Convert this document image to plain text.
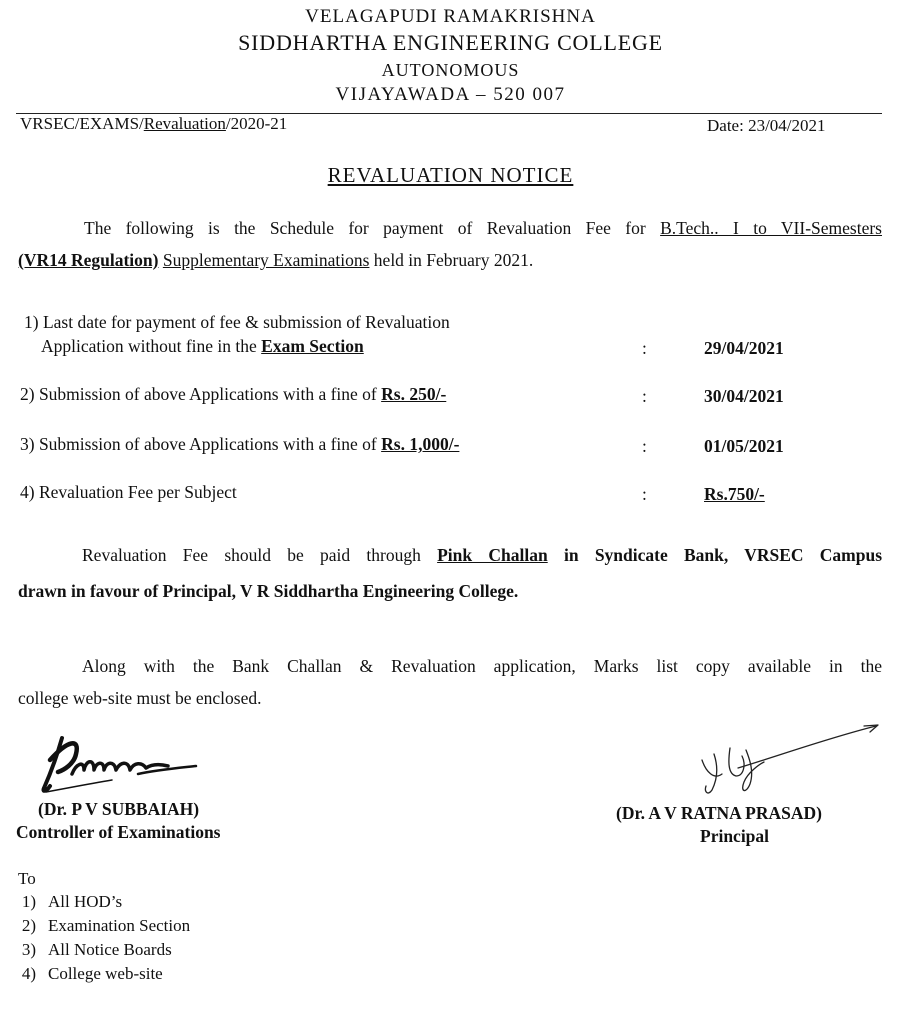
VELAGAPUDI RAMAKRISHNA
SIDDHARTHA ENGINEERING COLLEGE
AUTONOMOUS
VIJAYAWADA – 520 007
VRSEC/EXAMS/Revaluation/2020-21	Date: 23/04/2021
REVALUATION NOTICE
The following is the Schedule for payment of Revaluation Fee for B.Tech.. I to VII-Semesters
(VR14 Regulation) Supplementary Examinations held in February 2021.
1) Last date for payment of fee & submission of Revaluation
Application without fine in the Exam Section	:	29/04/2021
2) Submission of above Applications with a fine of Rs. 250/-	:	30/04/2021
3) Submission of above Applications with a fine of Rs. 1,000/-	:	01/05/2021
4) Revaluation Fee per Subject	:	Rs.750/-
Revaluation Fee should be paid through Pink Challan in Syndicate Bank, VRSEC Campus
drawn in favour of Principal, V R Siddhartha Engineering College.
Along with the Bank Challan & Revaluation application, Marks list copy available in the
college web-site must be enclosed.
(Dr. P V SUBBAIAH)
Controller of Examinations
(Dr. A V RATNA PRASAD)
Principal
To
1) All HOD’s
2) Examination Section
3) All Notice Boards
4) College web-site
